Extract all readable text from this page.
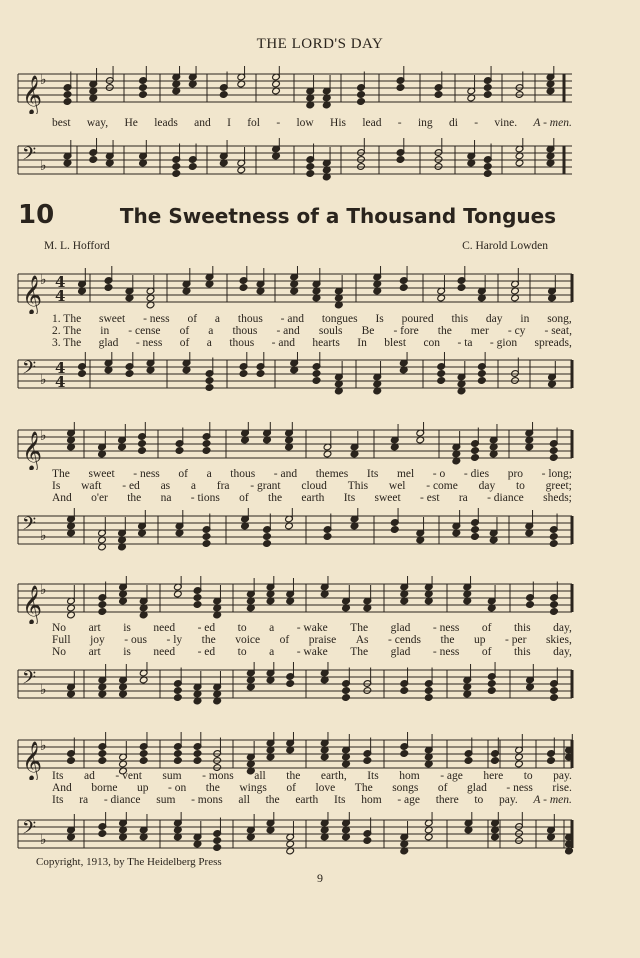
THE LORD'S DAY
𝄞
♭
best way, He leads and I fol - low His lead - ing di - vine. A - men.
𝄢 ♭
10	The Sweetness of a Thousand Tongues
M. L. Hofford	C. Harold Lowden
𝄞
♭ 4
4
1. The sweet - ness of a thous - and tongues Is poured this day in song,
2. The in - cense of a thous - and souls Be - fore the mer - cy - seat,
3. The glad - ness of a thous - and hearts In blest con - ta - gion spreads,
𝄢 ♭
4
4
𝄞
♭
The sweet - ness of a thous - and themes Its mel - o - dies pro - long;
Is waft - ed as a fra - grant cloud This wel - come day to greet;
And o'er the na - tions of the earth Its sweet - est ra - diance sheds;
𝄢 ♭
𝄞
♭
No art is need - ed to a - wake The glad - ness of this day,
Full joy - ous - ly the voice of praise As - cends the up - per skies,
No art is need - ed to a - wake The glad - ness of this day,
𝄢 ♭
𝄞
♭
Its ad - vent sum - mons all the earth, Its hom - age here to pay.
And borne up - on the wings of love The songs of glad - ness rise.
Its ra - diance sum - mons all the earth Its hom - age there to pay. A - men.
𝄢 ♭
Copyright, 1913, by The Heidelberg Press
9
